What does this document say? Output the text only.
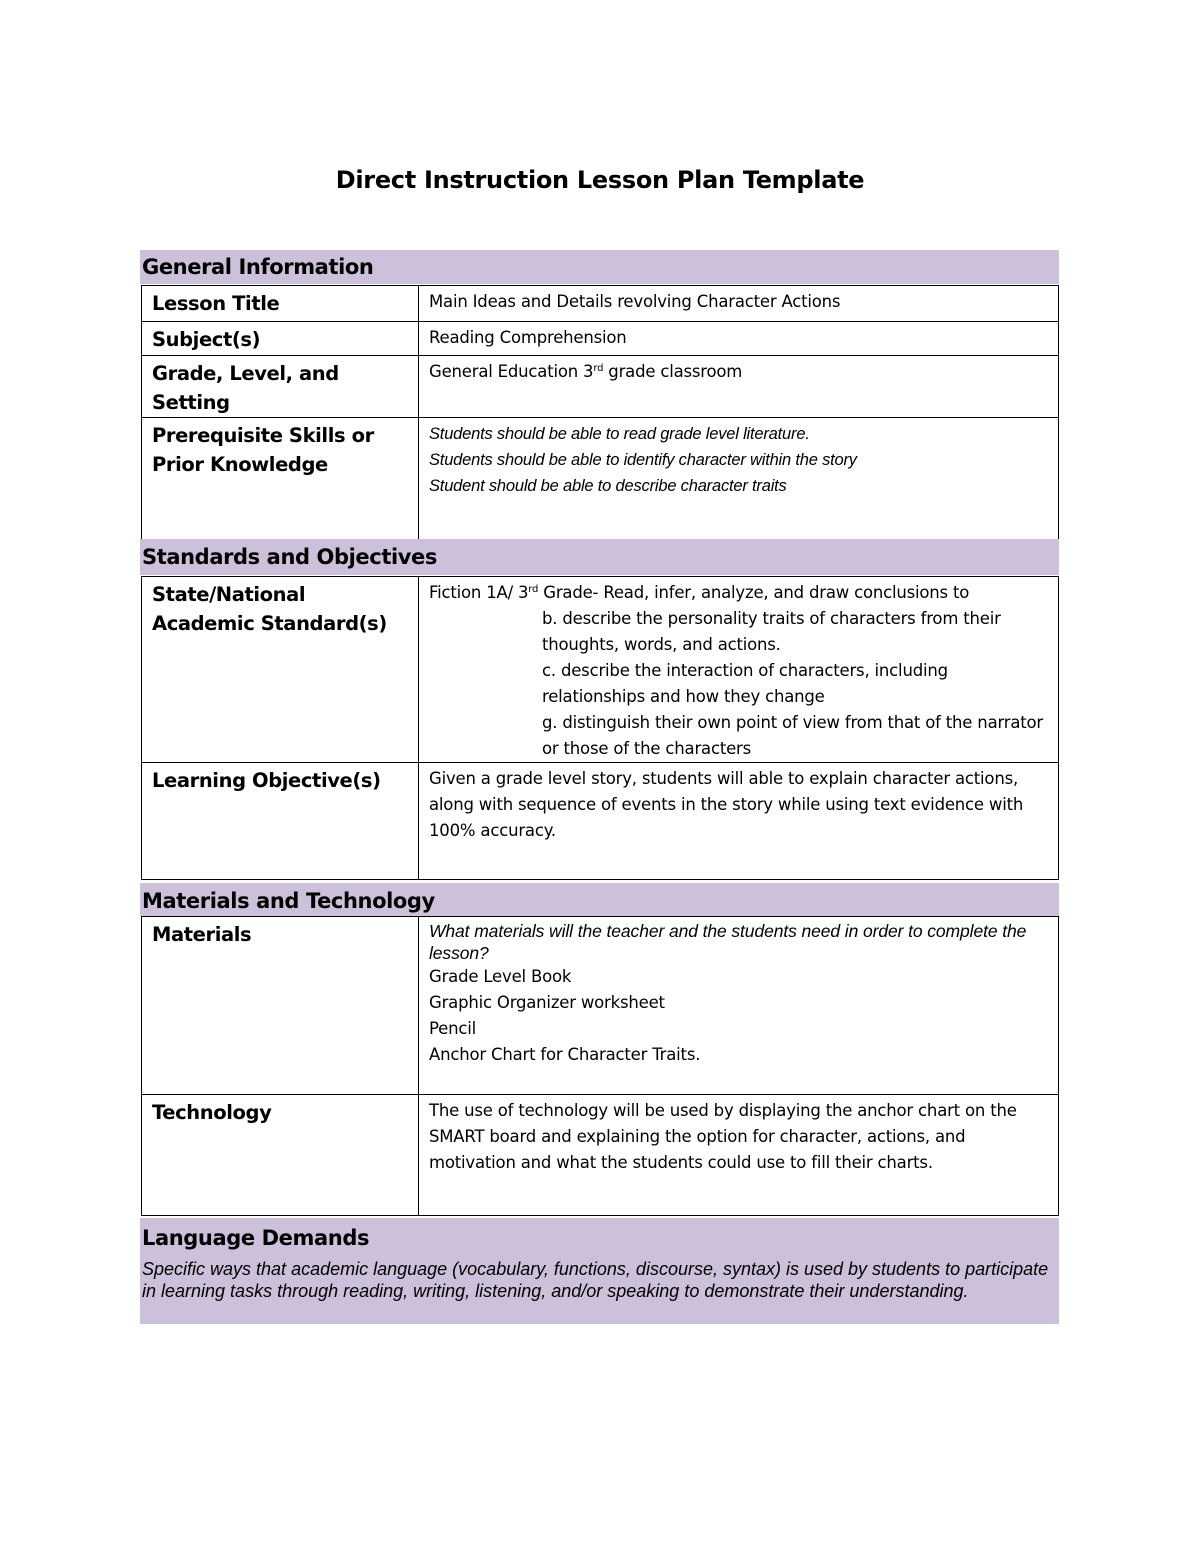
Direct Instruction Lesson Plan Template
General Information
Lesson Title	Main Ideas and Details revolving Character Actions
Subject(s)	Reading Comprehension
Grade, Level, and Setting	General Education 3rd grade classroom
Prerequisite Skills or Prior Knowledge	Students should be able to read grade level literature.
Students should be able to identify character within the story
Student should be able to describe character traits
Standards and Objectives
State/National Academic Standard(s)	Fiction 1A/ 3rd Grade- Read, infer, analyze, and draw conclusions to
b. describe the personality traits of characters from their thoughts, words, and actions.
c. describe the interaction of characters, including relationships and how they change
g. distinguish their own point of view from that of the narrator or those of the characters

Learning Objective(s)	Given a grade level story, students will able to explain character actions, along with sequence of events in the story while using text evidence with 100% accuracy.
Materials and Technology
Materials	What materials will the teacher and the students need in order to complete the lesson?
Grade Level Book
Graphic Organizer worksheet
Pencil
Anchor Chart for Character Traits.

Technology	The use of technology will be used by displaying the anchor chart on the SMART board and explaining the option for character, actions, and motivation and what the students could use to fill their charts.
Language Demands
Specific ways that academic language (vocabulary, functions, discourse, syntax) is used by students to participate in learning tasks through reading, writing, listening, and/or speaking to demonstrate their understanding.
